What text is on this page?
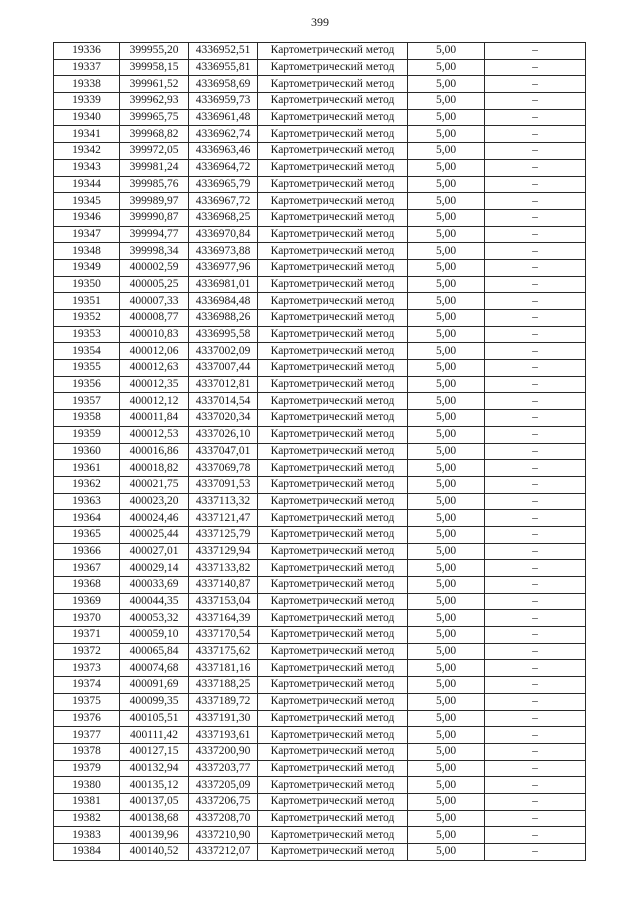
399
19336	399955,20	4336952,51	Картометрический метод	5,00	–
19337	399958,15	4336955,81	Картометрический метод	5,00	–
19338	399961,52	4336958,69	Картометрический метод	5,00	–
19339	399962,93	4336959,73	Картометрический метод	5,00	–
19340	399965,75	4336961,48	Картометрический метод	5,00	–
19341	399968,82	4336962,74	Картометрический метод	5,00	–
19342	399972,05	4336963,46	Картометрический метод	5,00	–
19343	399981,24	4336964,72	Картометрический метод	5,00	–
19344	399985,76	4336965,79	Картометрический метод	5,00	–
19345	399989,97	4336967,72	Картометрический метод	5,00	–
19346	399990,87	4336968,25	Картометрический метод	5,00	–
19347	399994,77	4336970,84	Картометрический метод	5,00	–
19348	399998,34	4336973,88	Картометрический метод	5,00	–
19349	400002,59	4336977,96	Картометрический метод	5,00	–
19350	400005,25	4336981,01	Картометрический метод	5,00	–
19351	400007,33	4336984,48	Картометрический метод	5,00	–
19352	400008,77	4336988,26	Картометрический метод	5,00	–
19353	400010,83	4336995,58	Картометрический метод	5,00	–
19354	400012,06	4337002,09	Картометрический метод	5,00	–
19355	400012,63	4337007,44	Картометрический метод	5,00	–
19356	400012,35	4337012,81	Картометрический метод	5,00	–
19357	400012,12	4337014,54	Картометрический метод	5,00	–
19358	400011,84	4337020,34	Картометрический метод	5,00	–
19359	400012,53	4337026,10	Картометрический метод	5,00	–
19360	400016,86	4337047,01	Картометрический метод	5,00	–
19361	400018,82	4337069,78	Картометрический метод	5,00	–
19362	400021,75	4337091,53	Картометрический метод	5,00	–
19363	400023,20	4337113,32	Картометрический метод	5,00	–
19364	400024,46	4337121,47	Картометрический метод	5,00	–
19365	400025,44	4337125,79	Картометрический метод	5,00	–
19366	400027,01	4337129,94	Картометрический метод	5,00	–
19367	400029,14	4337133,82	Картометрический метод	5,00	–
19368	400033,69	4337140,87	Картометрический метод	5,00	–
19369	400044,35	4337153,04	Картометрический метод	5,00	–
19370	400053,32	4337164,39	Картометрический метод	5,00	–
19371	400059,10	4337170,54	Картометрический метод	5,00	–
19372	400065,84	4337175,62	Картометрический метод	5,00	–
19373	400074,68	4337181,16	Картометрический метод	5,00	–
19374	400091,69	4337188,25	Картометрический метод	5,00	–
19375	400099,35	4337189,72	Картометрический метод	5,00	–
19376	400105,51	4337191,30	Картометрический метод	5,00	–
19377	400111,42	4337193,61	Картометрический метод	5,00	–
19378	400127,15	4337200,90	Картометрический метод	5,00	–
19379	400132,94	4337203,77	Картометрический метод	5,00	–
19380	400135,12	4337205,09	Картометрический метод	5,00	–
19381	400137,05	4337206,75	Картометрический метод	5,00	–
19382	400138,68	4337208,70	Картометрический метод	5,00	–
19383	400139,96	4337210,90	Картометрический метод	5,00	–
19384	400140,52	4337212,07	Картометрический метод	5,00	–
